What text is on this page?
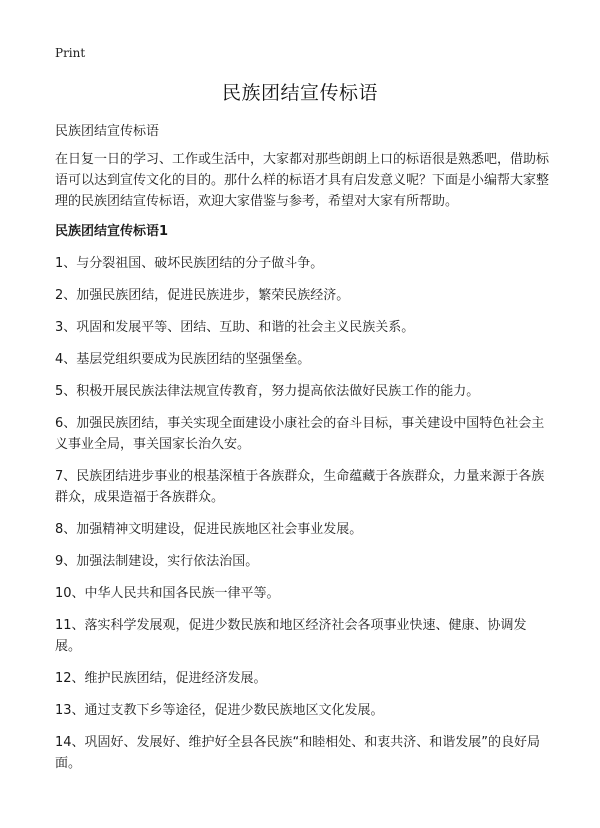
Print
民族团结宣传标语

民族团结宣传标语

在日复一日的学习、工作或生活中，大家都对那些朗朗上口的标语很是熟悉吧，借助标语可以达到宣传文化的目的。那什么样的标语才具有启发意义呢？下面是小编帮大家整理的民族团结宣传标语，欢迎大家借鉴与参考，希望对大家有所帮助。

民族团结宣传标语1

1、与分裂祖国、破坏民族团结的分子做斗争。

2、加强民族团结，促进民族进步，繁荣民族经济。

3、巩固和发展平等、团结、互助、和谐的社会主义民族关系。

4、基层党组织要成为民族团结的坚强堡垒。

5、积极开展民族法律法规宣传教育，努力提高依法做好民族工作的能力。

6、加强民族团结，事关实现全面建设小康社会的奋斗目标，事关建设中国特色社会主义事业全局，事关国家长治久安。

7、民族团结进步事业的根基深植于各族群众，生命蕴藏于各族群众，力量来源于各族群众，成果造福于各族群众。

8、加强精神文明建设，促进民族地区社会事业发展。

9、加强法制建设，实行依法治国。

10、中华人民共和国各民族一律平等。

11、落实科学发展观，促进少数民族和地区经济社会各项事业快速、健康、协调发展。

12、维护民族团结，促进经济发展。

13、通过支教下乡等途径，促进少数民族地区文化发展。

14、巩固好、发展好、维护好全县各民族“和睦相处、和衷共济、和谐发展”的良好局面。
